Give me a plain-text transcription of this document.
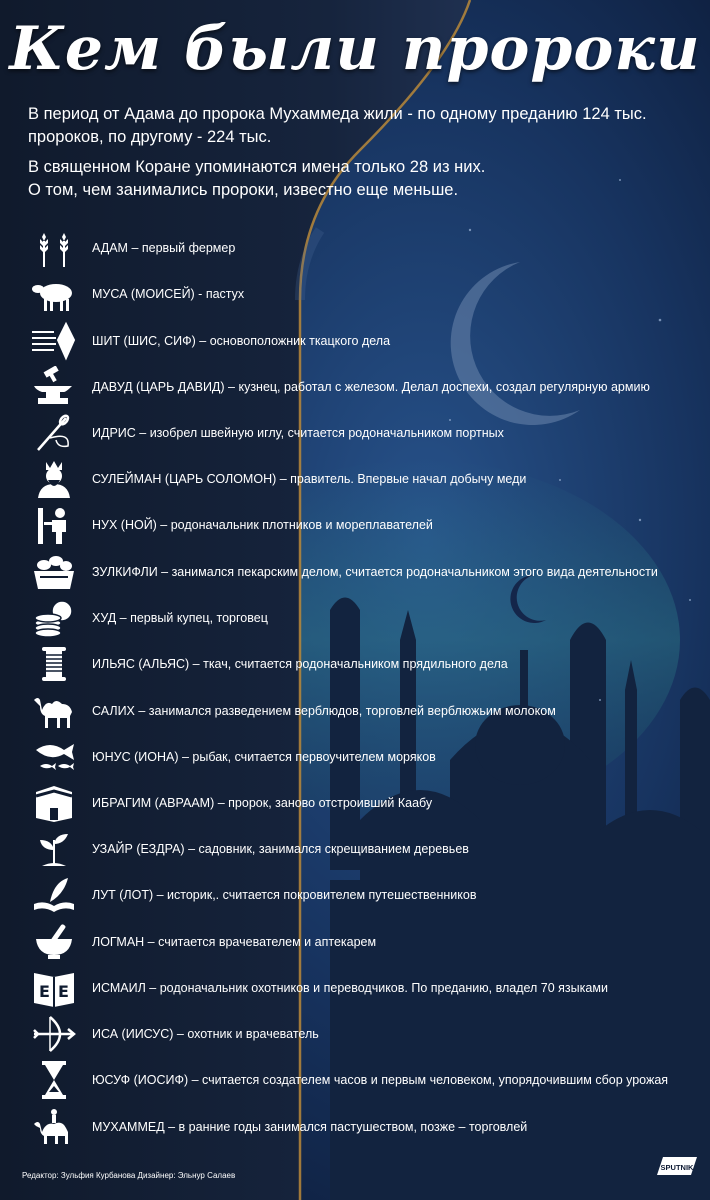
Кем были пророки
В период от Адама до пророка Мухаммеда жили - по одному преданию 124 тыс.
пророков, по другому - 224 тыс.
В священном Коране упоминаются имена только 28 из них.
О том, чем занимались пророки, известно еще меньше.
АДАМ – первый фермер
МУСА (МОИСЕЙ) - пастух
ШИТ (ШИС, СИФ) – основоположник ткацкого дела
ДАВУД (ЦАРЬ ДАВИД) – кузнец, работал с железом. Делал доспехи, создал регулярную армию
ИДРИС – изобрел швейную иглу, считается родоначальником портных
СУЛЕЙМАН (ЦАРЬ СОЛОМОН) – правитель. Впервые начал добычу меди
НУХ (НОЙ) – родоначальник плотников и мореплавателей
ЗУЛКИФЛИ – занимался пекарским делом, считается родоначальником этого вида деятельности
ХУД – первый купец, торговец
ИЛЬЯС (АЛЬЯС) – ткач, считается родоначальником прядильного дела
САЛИХ – занимался разведением верблюдов, торговлей верблюжьим молоком
ЮНУС (ИОНА) – рыбак, считается первоучителем моряков
ИБРАГИМ (АВРААМ) – пророк, заново отстроивший Каабу
УЗАЙР (ЕЗДРА) – садовник, занимался скрещиванием деревьев
ЛУТ (ЛОТ) – историк,. считается покровителем путешественников
ЛОГМАН – считается врачевателем и аптекарем
E E ИСМАИЛ – родоначальник охотников и переводчиков. По преданию, владел 70 языками
ИСА (ИИСУС) – охотник и врачеватель
ЮСУФ (ИОСИФ) – считается создателем часов и первым человеком, упорядочившим сбор урожая
МУХАММЕД – в ранние годы занимался пастушеством, позже – торговлей
Редактор: Зульфия Курбанова Дизайнер: Эльнур Салаев
SPUTNIK
